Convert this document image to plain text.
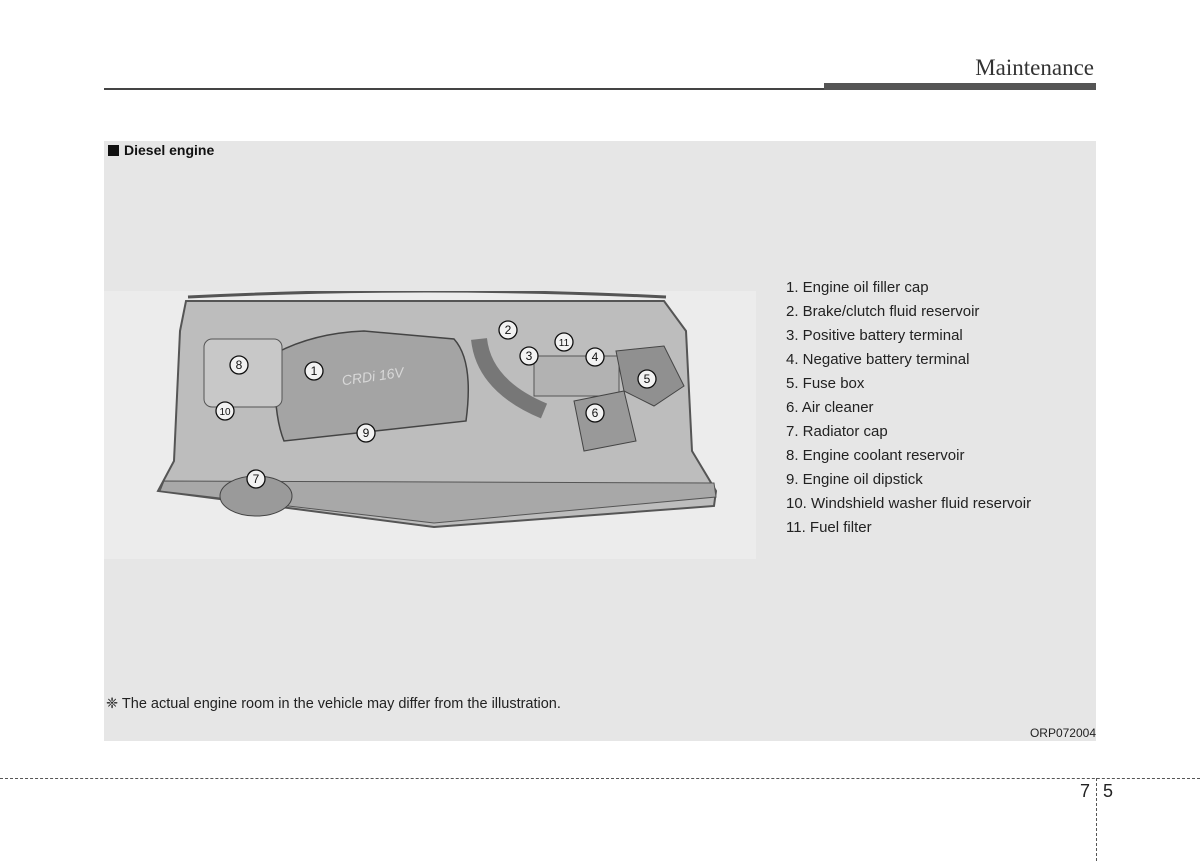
Maintenance
Diesel engine
CRDi 16V
1
2
3	4
5
6
7
8
9
10
11
1. Engine oil filler cap
2. Brake/clutch fluid reservoir
3. Positive battery terminal
4. Negative battery terminal
5. Fuse box
6. Air cleaner
7. Radiator cap
8. Engine coolant reservoir
9. Engine oil dipstick
10. Windshield washer fluid reservoir
11. Fuel filter
❈ The actual engine room in the vehicle may differ from the illustration.
ORP072004
7 5
